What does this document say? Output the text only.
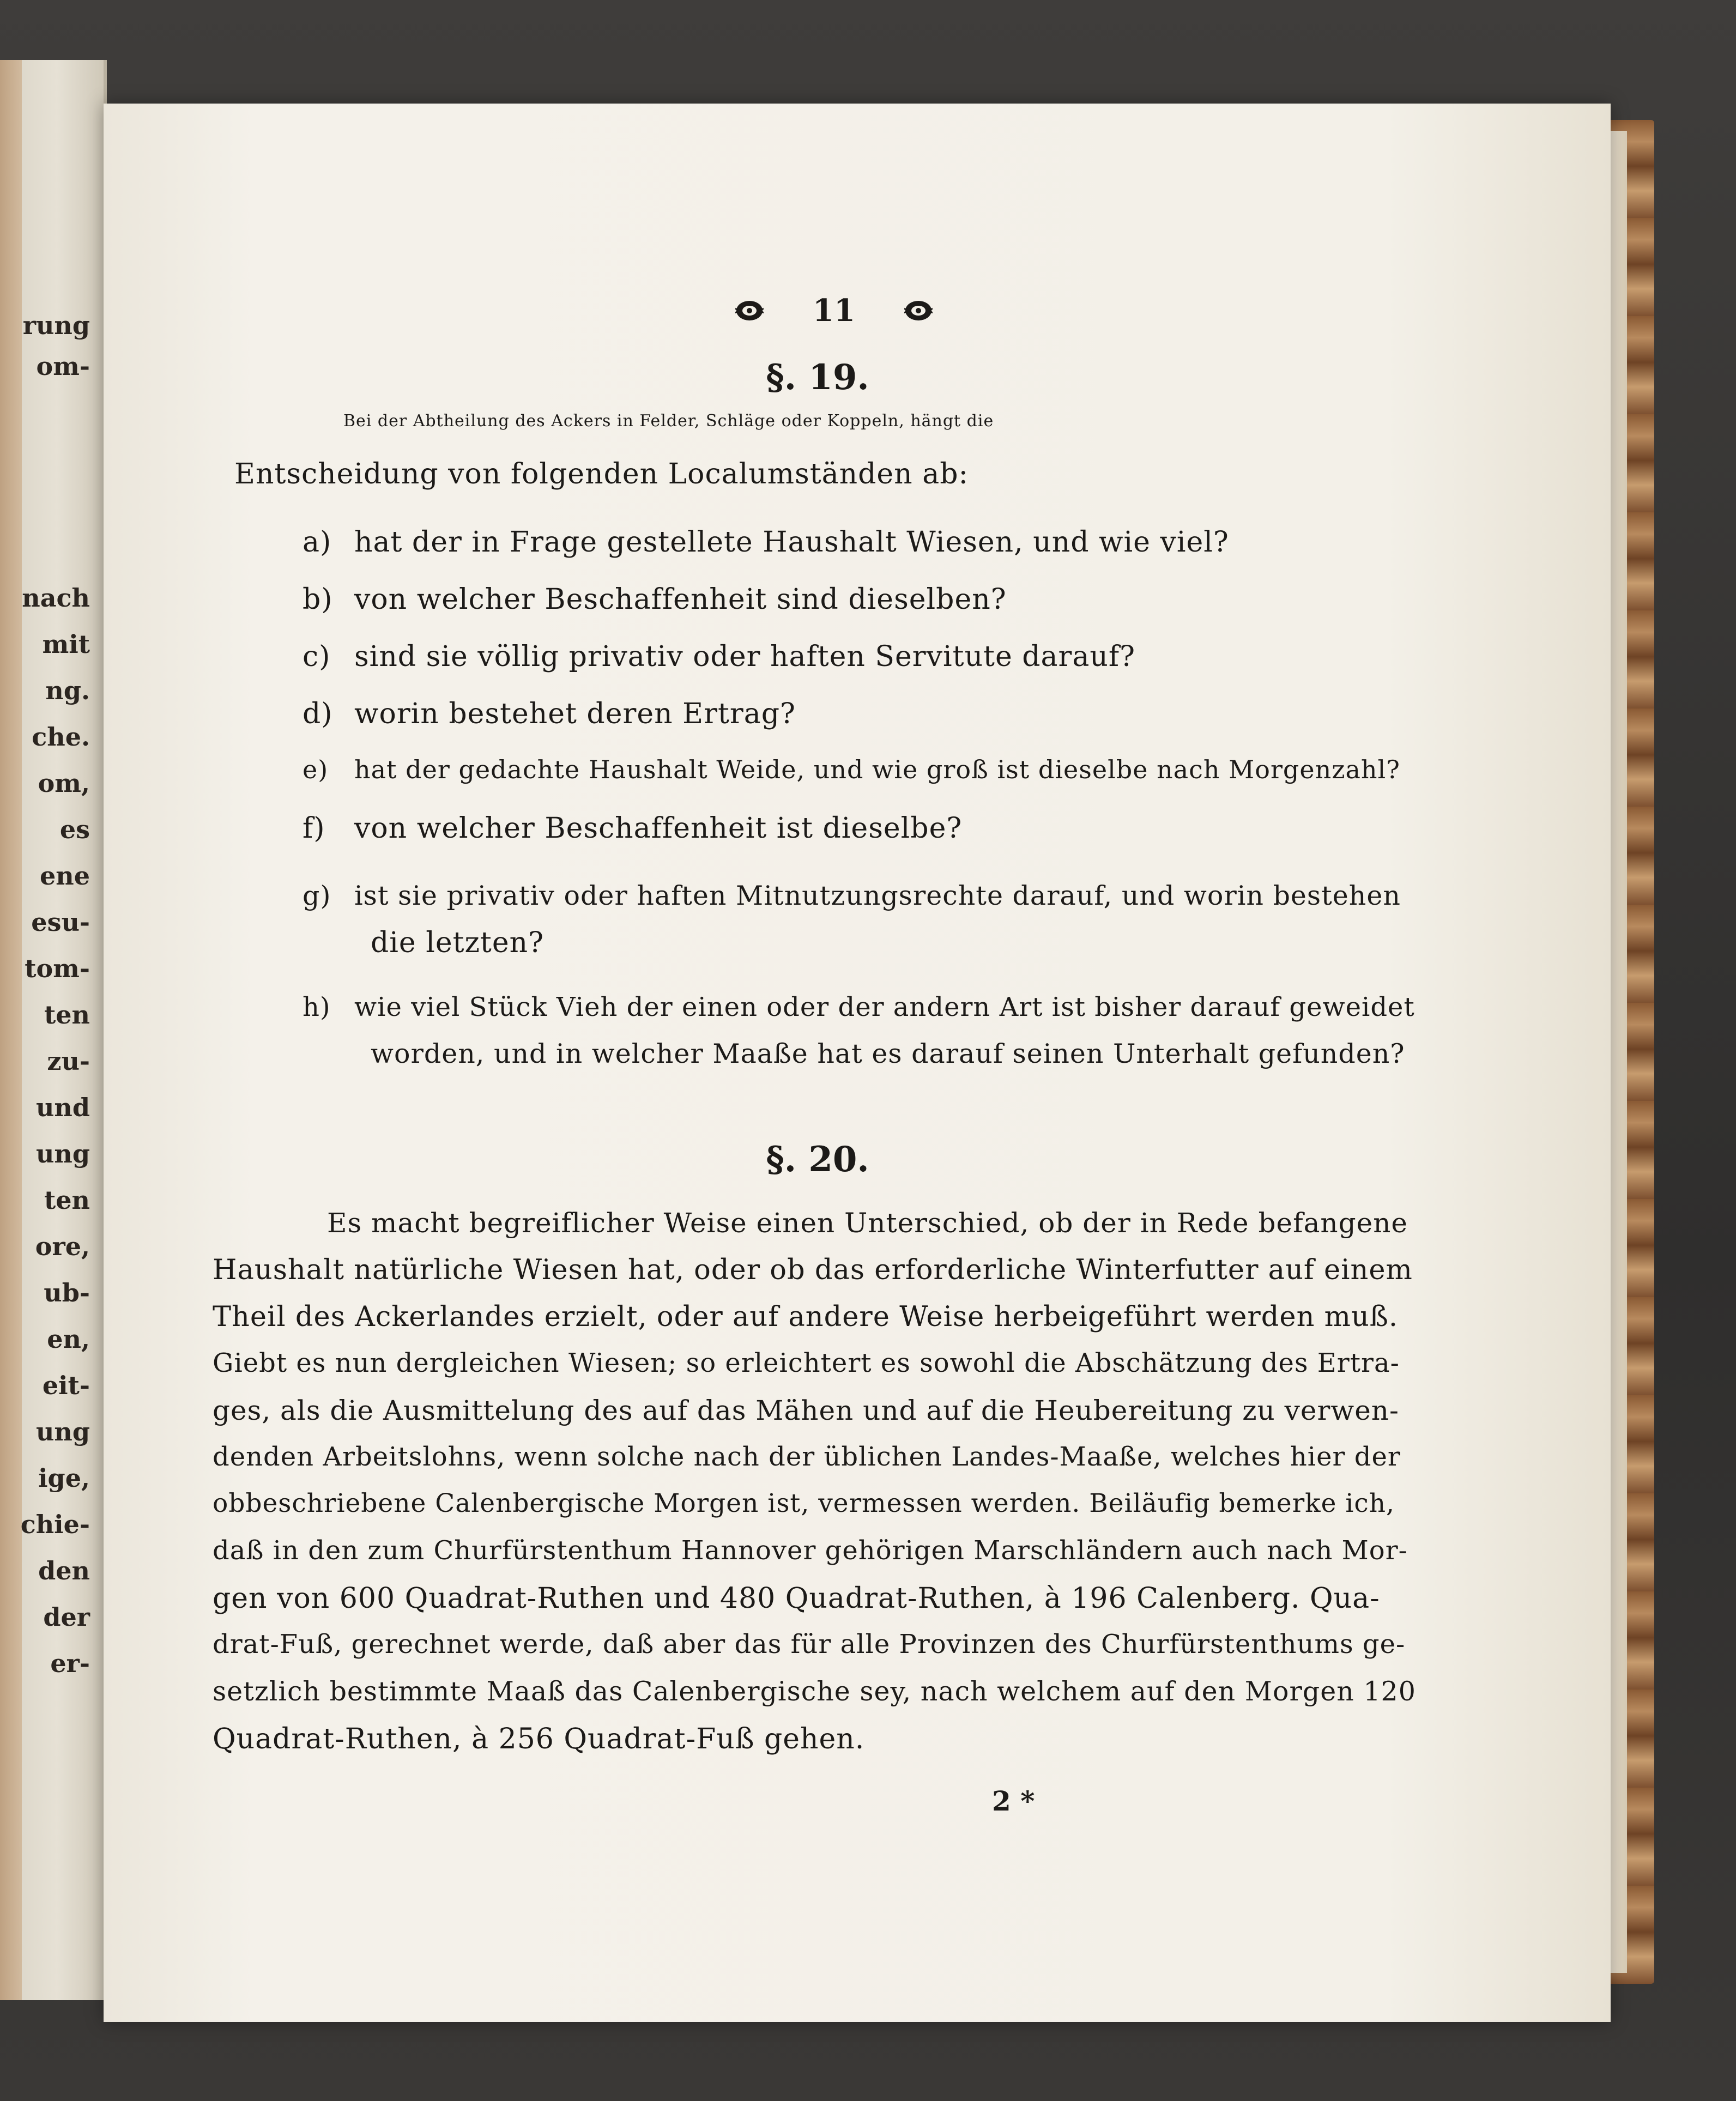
rung
om-
nach
mit
ng.
che.
om,
es
ene
esu-
tom-
ten
zu-
und
ung
ten
ore,
ub-
en,
eit-
ung
ige,
chie-
den
der
er-
11
§. 19.
Bei der Abtheilung des Ackers in Felder, Schläge oder Koppeln, hängt die
Entscheidung von folgenden Localumständen ab:
a) hat der in Frage gestellete Haushalt Wiesen, und wie viel?
b) von welcher Beschaffenheit sind dieselben?
c) sind sie völlig privativ oder haften Servitute darauf?
d) worin bestehet deren Ertrag?
e) hat der gedachte Haushalt Weide, und wie groß ist dieselbe nach Morgenzahl?
f) von welcher Beschaffenheit ist dieselbe?
g) ist sie privativ oder haften Mitnutzungsrechte darauf, und worin bestehen
die letzten?
h) wie viel Stück Vieh der einen oder der andern Art ist bisher darauf geweidet
worden, und in welcher Maaße hat es darauf seinen Unterhalt gefunden?
§. 20.
Es macht begreiflicher Weise einen Unterschied, ob der in Rede befangene
Haushalt natürliche Wiesen hat, oder ob das erforderliche Winterfutter auf einem
Theil des Ackerlandes erzielt, oder auf andere Weise herbeigeführt werden muß.
Giebt es nun dergleichen Wiesen; so erleichtert es sowohl die Abschätzung des Ertra-
ges, als die Ausmittelung des auf das Mähen und auf die Heubereitung zu verwen-
denden Arbeitslohns, wenn solche nach der üblichen Landes-Maaße, welches hier der
obbeschriebene Calenbergische Morgen ist, vermessen werden. Beiläufig bemerke ich,
daß in den zum Churfürstenthum Hannover gehörigen Marschländern auch nach Mor-
gen von 600 Quadrat-Ruthen und 480 Quadrat-Ruthen, à 196 Calenberg. Qua-
drat-Fuß, gerechnet werde, daß aber das für alle Provinzen des Churfürstenthums ge-
setzlich bestimmte Maaß das Calenbergische sey, nach welchem auf den Morgen 120
Quadrat-Ruthen, à 256 Quadrat-Fuß gehen.
2 *
